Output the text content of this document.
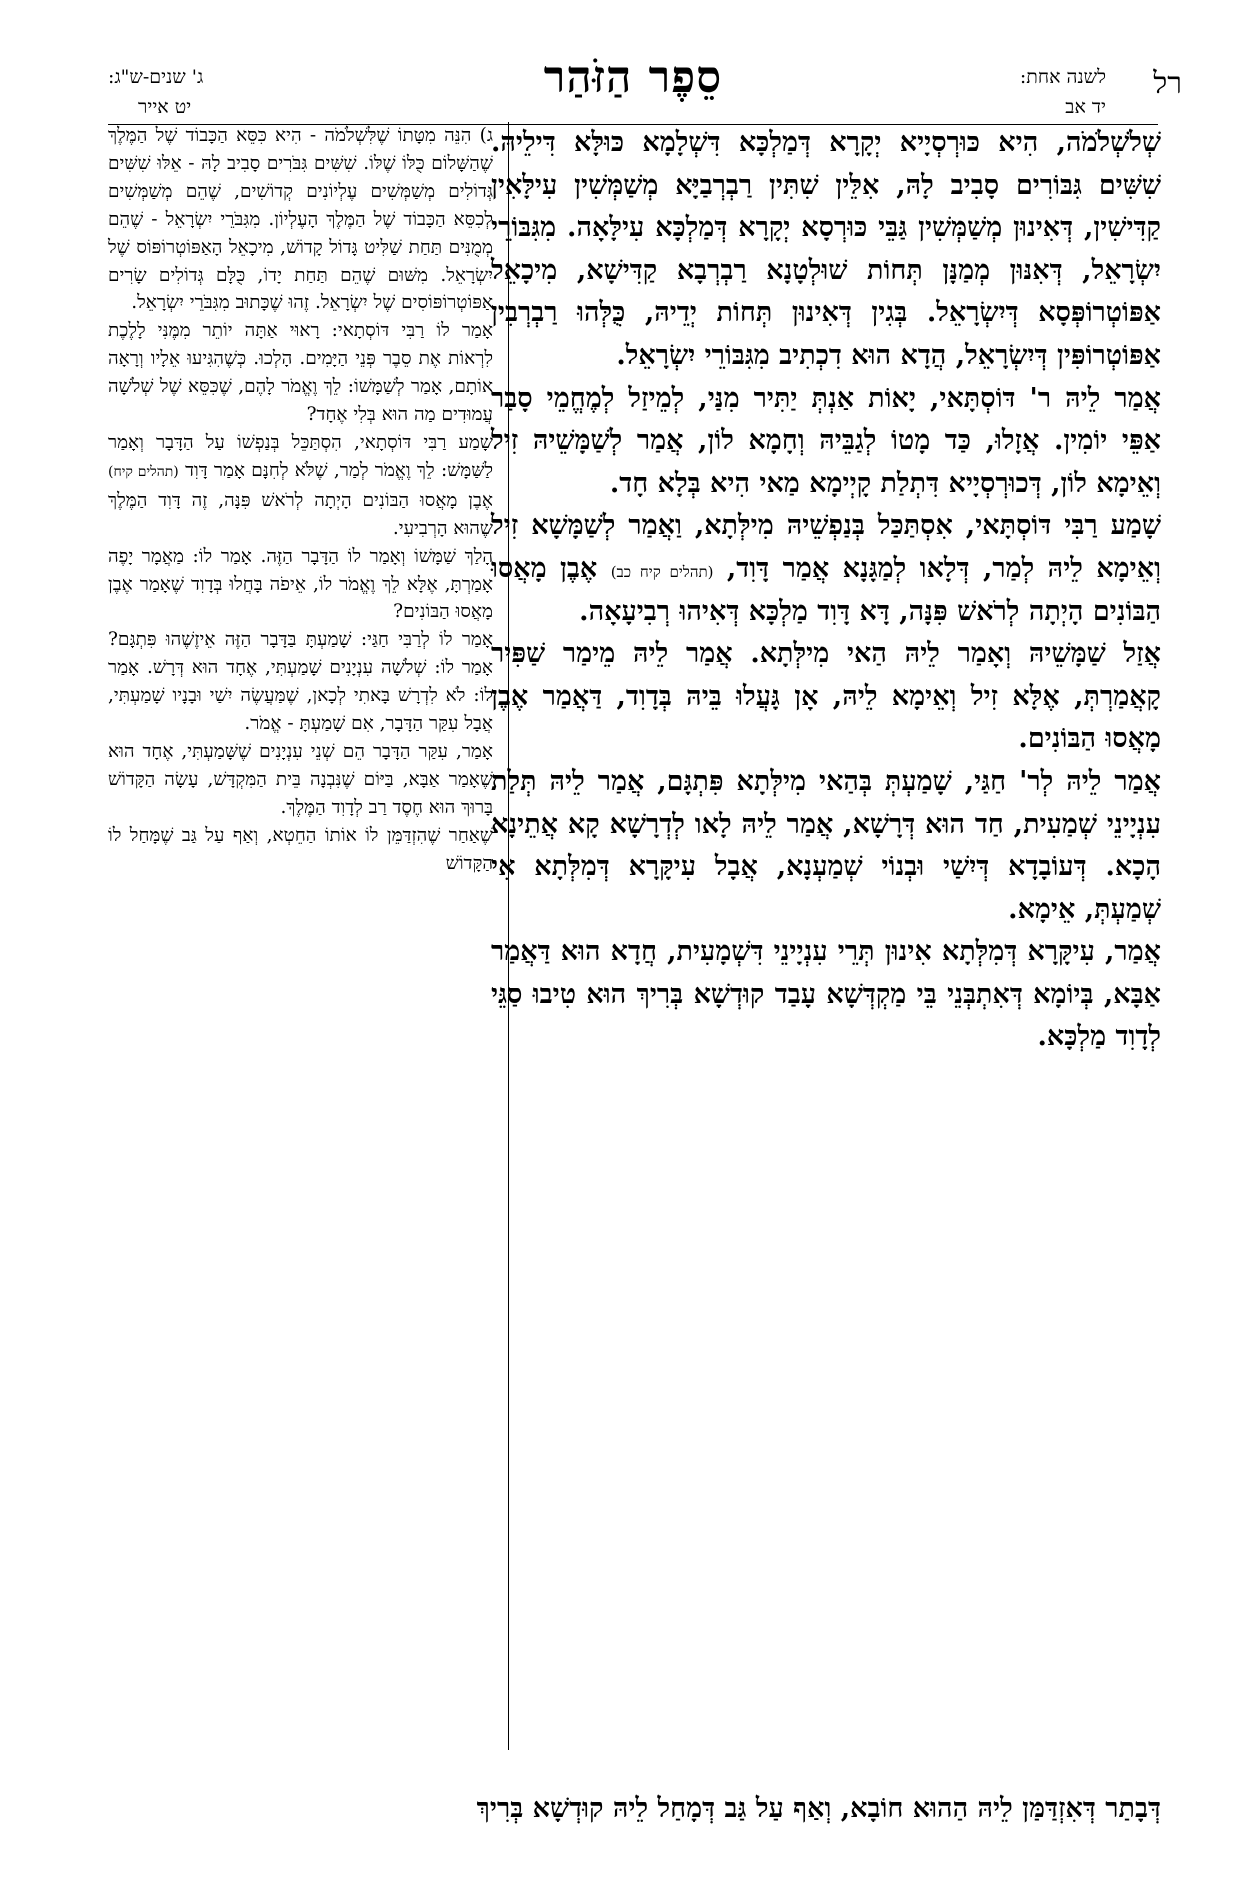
רל
לשנה אחת:
יד אב
סֵפֶר הַזֹּהַר
ג' שנים-ש"ג:
יט אייר

שְׁלֹשְׁלֹמֹה, הִיא כּוּרְסְיָיא יְקָרָא דְּמַלְכָּא דִּשְׁלָמָא כּוּלָּא דִּילֵיהּ. שִׁשִּׁים גִּבּוֹרִים סָבִיב לָהּ, אִלֵּין שִׁתִּין רַבְרְבַיָּא מְשַׁמְּשִׁין עִילָּאִין קַדִּישִׁין, דְּאִינוּן מְשַׁמְּשִׁין גַּבֵּי כּוּרְסָא יְקָרָא דְּמַלְכָּא עִילָּאָה. מִגִּבּוֹרֵי יִשְׂרָאֵל, דְּאִנּוּן מְמַנָּן תְּחוֹת שׁוּלְטָנָא רַבְרְבָא קַדִּישָׁא, מִיכָאֵל אַפּוֹטְרוֹפְּסָא דְּיִשְׂרָאֵל. בְּגִין דְּאִינוּן תְּחוֹת יְדֵיהּ, כֻּלְּהוּ רַבְרְבִין אַפּוֹטְרוֹפִּין דְּיִשְׂרָאֵל, הֲדָא הוּא דִכְתִיב מִגִּבּוֹרֵי יִשְׂרָאֵל.

אֲמַר לֵיהּ ר' דּוֹסְתָּאי, יָאוֹת אַנְתְּ יַתִּיר מִנַּי, לְמֵיזַל לְמֶחֱמֵי סָבַר אַפֵּי יוֹמִין. אֲזָלוּ, כַּד מָטוֹ לְגַבֵּיהּ וְחָמָא לוֹן, אֲמַר לְשַׁמָּשֵׁיהּ זִיל וְאֵימָא לוֹן, דְּכוּרְסְיָיא דִּתְלַת קָיְימָא מַאי הִיא בְּלָא חָד.

שָׁמַע רַבִּי דּוֹסְתָּאי, אִסְתַּכַּל בְּנַפְשֵׁיהּ מִילְּתָא, וַאֲמַר לְשַׁמָּשָׁא זִיל וְאֵימָא לֵיהּ לְמַר, דְּלָאו לְמַגָּנָא אֲמַר דָּוִד, (תהלים קיח כב) אֶבֶן מָאֲסוּ הַבּוֹנִים הָיְתָה לְרֹאשׁ פִּנָּה, דָּא דָּוִד מַלְכָּא דְּאִיהוּ רְבִיעָאָה.

אֲזַל שַׁמָּשֵׁיהּ וְאָמַר לֵיהּ הַאי מִילְּתָא. אֲמַר לֵיהּ מֵימַר שַׁפִּיר קָאֲמַרְתְּ, אֶלָּא זִיל וְאֵימָא לֵיהּ, אָן גָּעֲלוּ בֵּיהּ בְּדָוִד, דַּאֲמַר אֶבֶן מָאֲסוּ הַבּוֹנִים.

אֲמַר לֵיהּ לְר' חַגַּי, שָׁמַעְתְּ בְּהַאי מִילְּתָא פִּתְגָּם, אֲמַר לֵיהּ תְּלַת עִנְיָינֵי שְׁמַעִית, חַד הוּא דְּרָשָׁא, אֲמַר לֵיהּ לָאו לְדְרָשָׁא קָא אֲתֵינָא הָכָא. דְּעוֹבָדָא דְּיִשַׁי וּבְנוֹי שְׁמַעְנָא, אֲבָל עִיקָּרָא דְּמִלְּתָא אִי שְׁמַעְתְּ, אֵימָא.

אֲמַר, עִיקָּרָא דְּמִלְּתָא אִינוּן תְּרֵי עִנְיָינֵי דִּשְׁמָעִית, חֲדָא הוּא דַּאֲמַר אַבָּא, בְּיוֹמָא דְּאִתְבְּנֵי בֵּי מַקְדְּשָׁא עָבַד קוּדְשָׁא בְּרִיךְ הוּא טִיבוּ סַגֵּי לְדָוִד מַלְכָּא.

ג) הִנֵּה מִטָּתוֹ שֶׁלִּשְׁלֹמֹה - הִיא כִּסֵּא הַכָּבוֹד שֶׁל הַמֶּלֶךְ שֶׁהַשָּׁלוֹם כֻּלּוֹ שֶׁלּוֹ. שִׁשִּׁים גִּבֹּרִים סָבִיב לָהּ - אֵלּוּ שִׁשִּׁים גְּדוֹלִים מְשַׁמְּשִׁים עֶלְיוֹנִים קְדוֹשִׁים, שֶׁהֵם מְשַׁמְּשִׁים לְכִסֵּא הַכָּבוֹד שֶׁל הַמֶּלֶךְ הָעֶלְיוֹן. מִגִּבֹּרֵי יִשְׂרָאֵל - שֶׁהֵם מְמֻנִּים תַּחַת שַׁלִּיט גָּדוֹל קָדוֹשׁ, מִיכָאֵל הָאַפּוֹטְרוֹפּוֹס שֶׁל יִשְׂרָאֵל. מִשּׁוּם שֶׁהֵם תַּחַת יָדוֹ, כֻּלָּם גְּדוֹלִים שָׂרִים אַפּוֹטְרוֹפּוֹסִים שֶׁל יִשְׂרָאֵל. זֶהוּ שֶׁכָּתוּב מִגִּבֹּרֵי יִשְׂרָאֵל.

אָמַר לוֹ רַבִּי דּוֹסְתָאי: רָאוּי אַתָּה יוֹתֵר מִמֶּנִּי לָלֶכֶת לִרְאוֹת אֶת סֵבֶר פְּנֵי הַיָּמִים. הָלְכוּ. כְּשֶׁהִגִּיעוּ אֵלָיו וְרָאָה אוֹתָם, אָמַר לְשַׁמָּשׁוֹ: לֵךְ וֶאֱמֹר לָהֶם, שֶׁכִּסֵּא שֶׁל שְׁלֹשָׁה עֲמוּדִים מַה הוּא בְּלִי אֶחָד?

שָׁמַע רַבִּי דּוֹסְתָאי, הִסְתַּכֵּל בְּנַפְשׁוֹ עַל הַדָּבָר וְאָמַר לַשַּׁמָּשׁ: לֵךְ וֶאֱמֹר לְמַר, שֶׁלֹּא לְחִנָּם אָמַר דָּוִד (תהלים קיח) אֶבֶן מָאֲסוּ הַבּוֹנִים הָיְתָה לְרֹאשׁ פִּנָּה, זֶה דָּוִד הַמֶּלֶךְ שֶׁהוּא הָרְבִיעִי.

הָלַךְ שַׁמָּשׁוֹ וְאָמַר לוֹ הַדָּבָר הַזֶּה. אָמַר לוֹ: מַאֲמָר יָפֶה אָמַרְתָּ, אֶלָּא לֵךְ וֶאֱמֹר לוֹ, אֵיפֹה בָּחֲלוּ בְּדָוִד שֶׁאָמַר אֶבֶן מָאֲסוּ הַבּוֹנִים?

אָמַר לוֹ לְרַבִּי חַגַּי: שָׁמַעְתָּ בַּדָּבָר הַזֶּה אֵיזֶשֶׁהוּ פִּתְגָּם? אָמַר לוֹ: שְׁלֹשָׁה עִנְיָנִים שָׁמַעְתִּי, אֶחָד הוּא דְּרָשׁ. אָמַר לוֹ: לֹא לִדְרָשׁ בָּאתִי לְכָאן, שֶׁמַּעֲשֶׂה יִשַׁי וּבָנָיו שָׁמַעְתִּי, אֲבָל עִקַּר הַדָּבָר, אִם שָׁמַעְתָּ - אֱמֹר.

אָמַר, עִקַּר הַדָּבָר הֵם שְׁנֵי עִנְיָנִים שֶׁשָּׁמַעְתִּי, אֶחָד הוּא שֶׁאָמַר אַבָּא, בַּיּוֹם שֶׁנִּבְנָה בֵּית הַמִּקְדָּשׁ, עָשָׂה הַקָּדוֹשׁ בָּרוּךְ הוּא חֶסֶד רַב לְדָוִד הַמֶּלֶךְ.

שֶׁאַחַר שֶׁהִזְדַּמֵּן לוֹ אוֹתוֹ הַחֵטְא, וְאַף עַל גַּב שֶׁמָּחַל לוֹ הַקָּדוֹשׁ

דְּבָתַר דְּאִזְדַּמַּן לֵיהּ הַהוּא חוֹבָא, וְאַף עַל גַּב דְּמָחַל לֵיהּ קוּדְשָׁא בְּרִיךְ
